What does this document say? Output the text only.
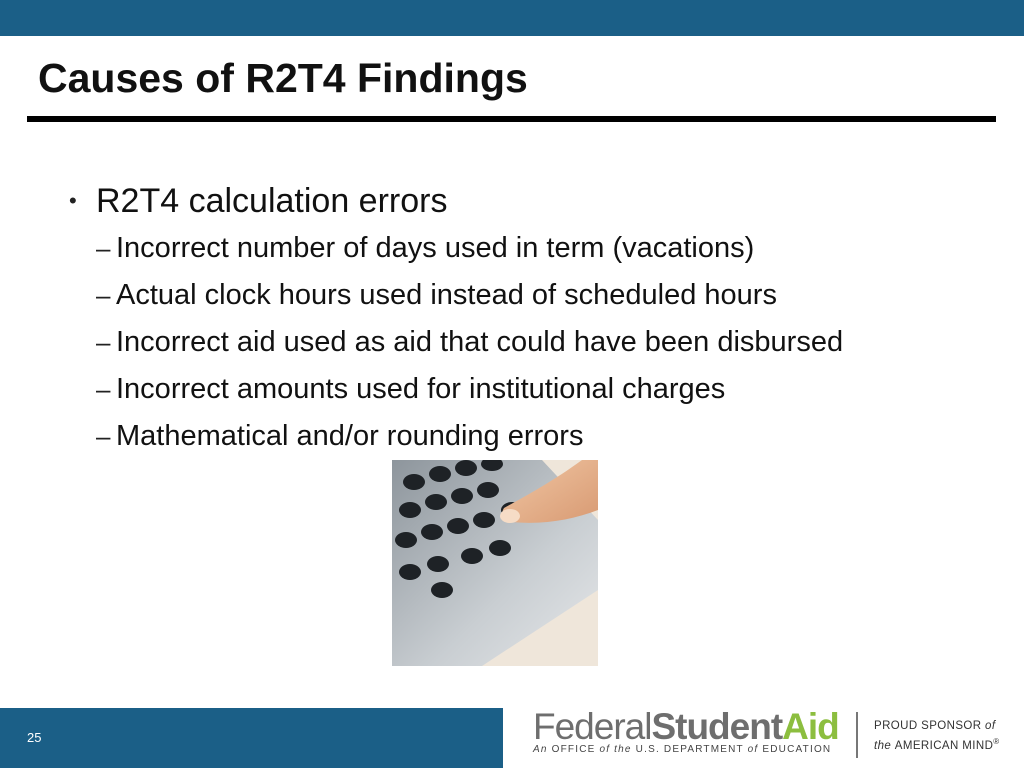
Causes of R2T4 Findings
• R2T4 calculation errors
– Incorrect number of days used in term (vacations)
– Actual clock hours used instead of scheduled hours
– Incorrect aid used as aid that could have been disbursed
– Incorrect amounts used for institutional charges
– Mathematical and/or rounding errors
25	FederalStudentAid
An OFFICE of the U.S. DEPARTMENT of EDUCATION
PROUD SPONSOR of
the AMERICAN MIND®
